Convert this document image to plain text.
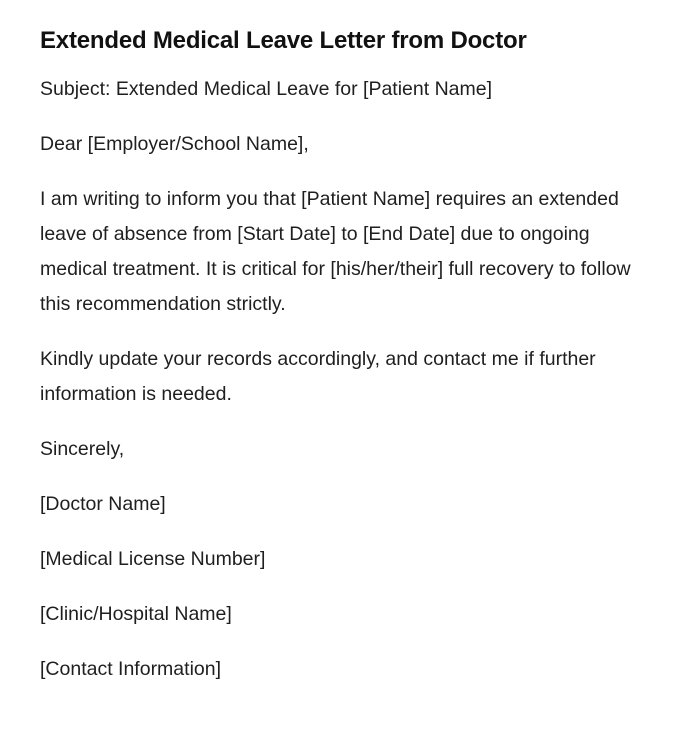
Extended Medical Leave Letter from Doctor

Subject: Extended Medical Leave for [Patient Name]

Dear [Employer/School Name],

I am writing to inform you that [Patient Name] requires an extended leave of absence from [Start Date] to [End Date] due to ongoing medical treatment. It is critical for [his/her/their] full recovery to follow this recommendation strictly.

Kindly update your records accordingly, and contact me if further information is needed.

Sincerely,

[Doctor Name]

[Medical License Number]

[Clinic/Hospital Name]

[Contact Information]
